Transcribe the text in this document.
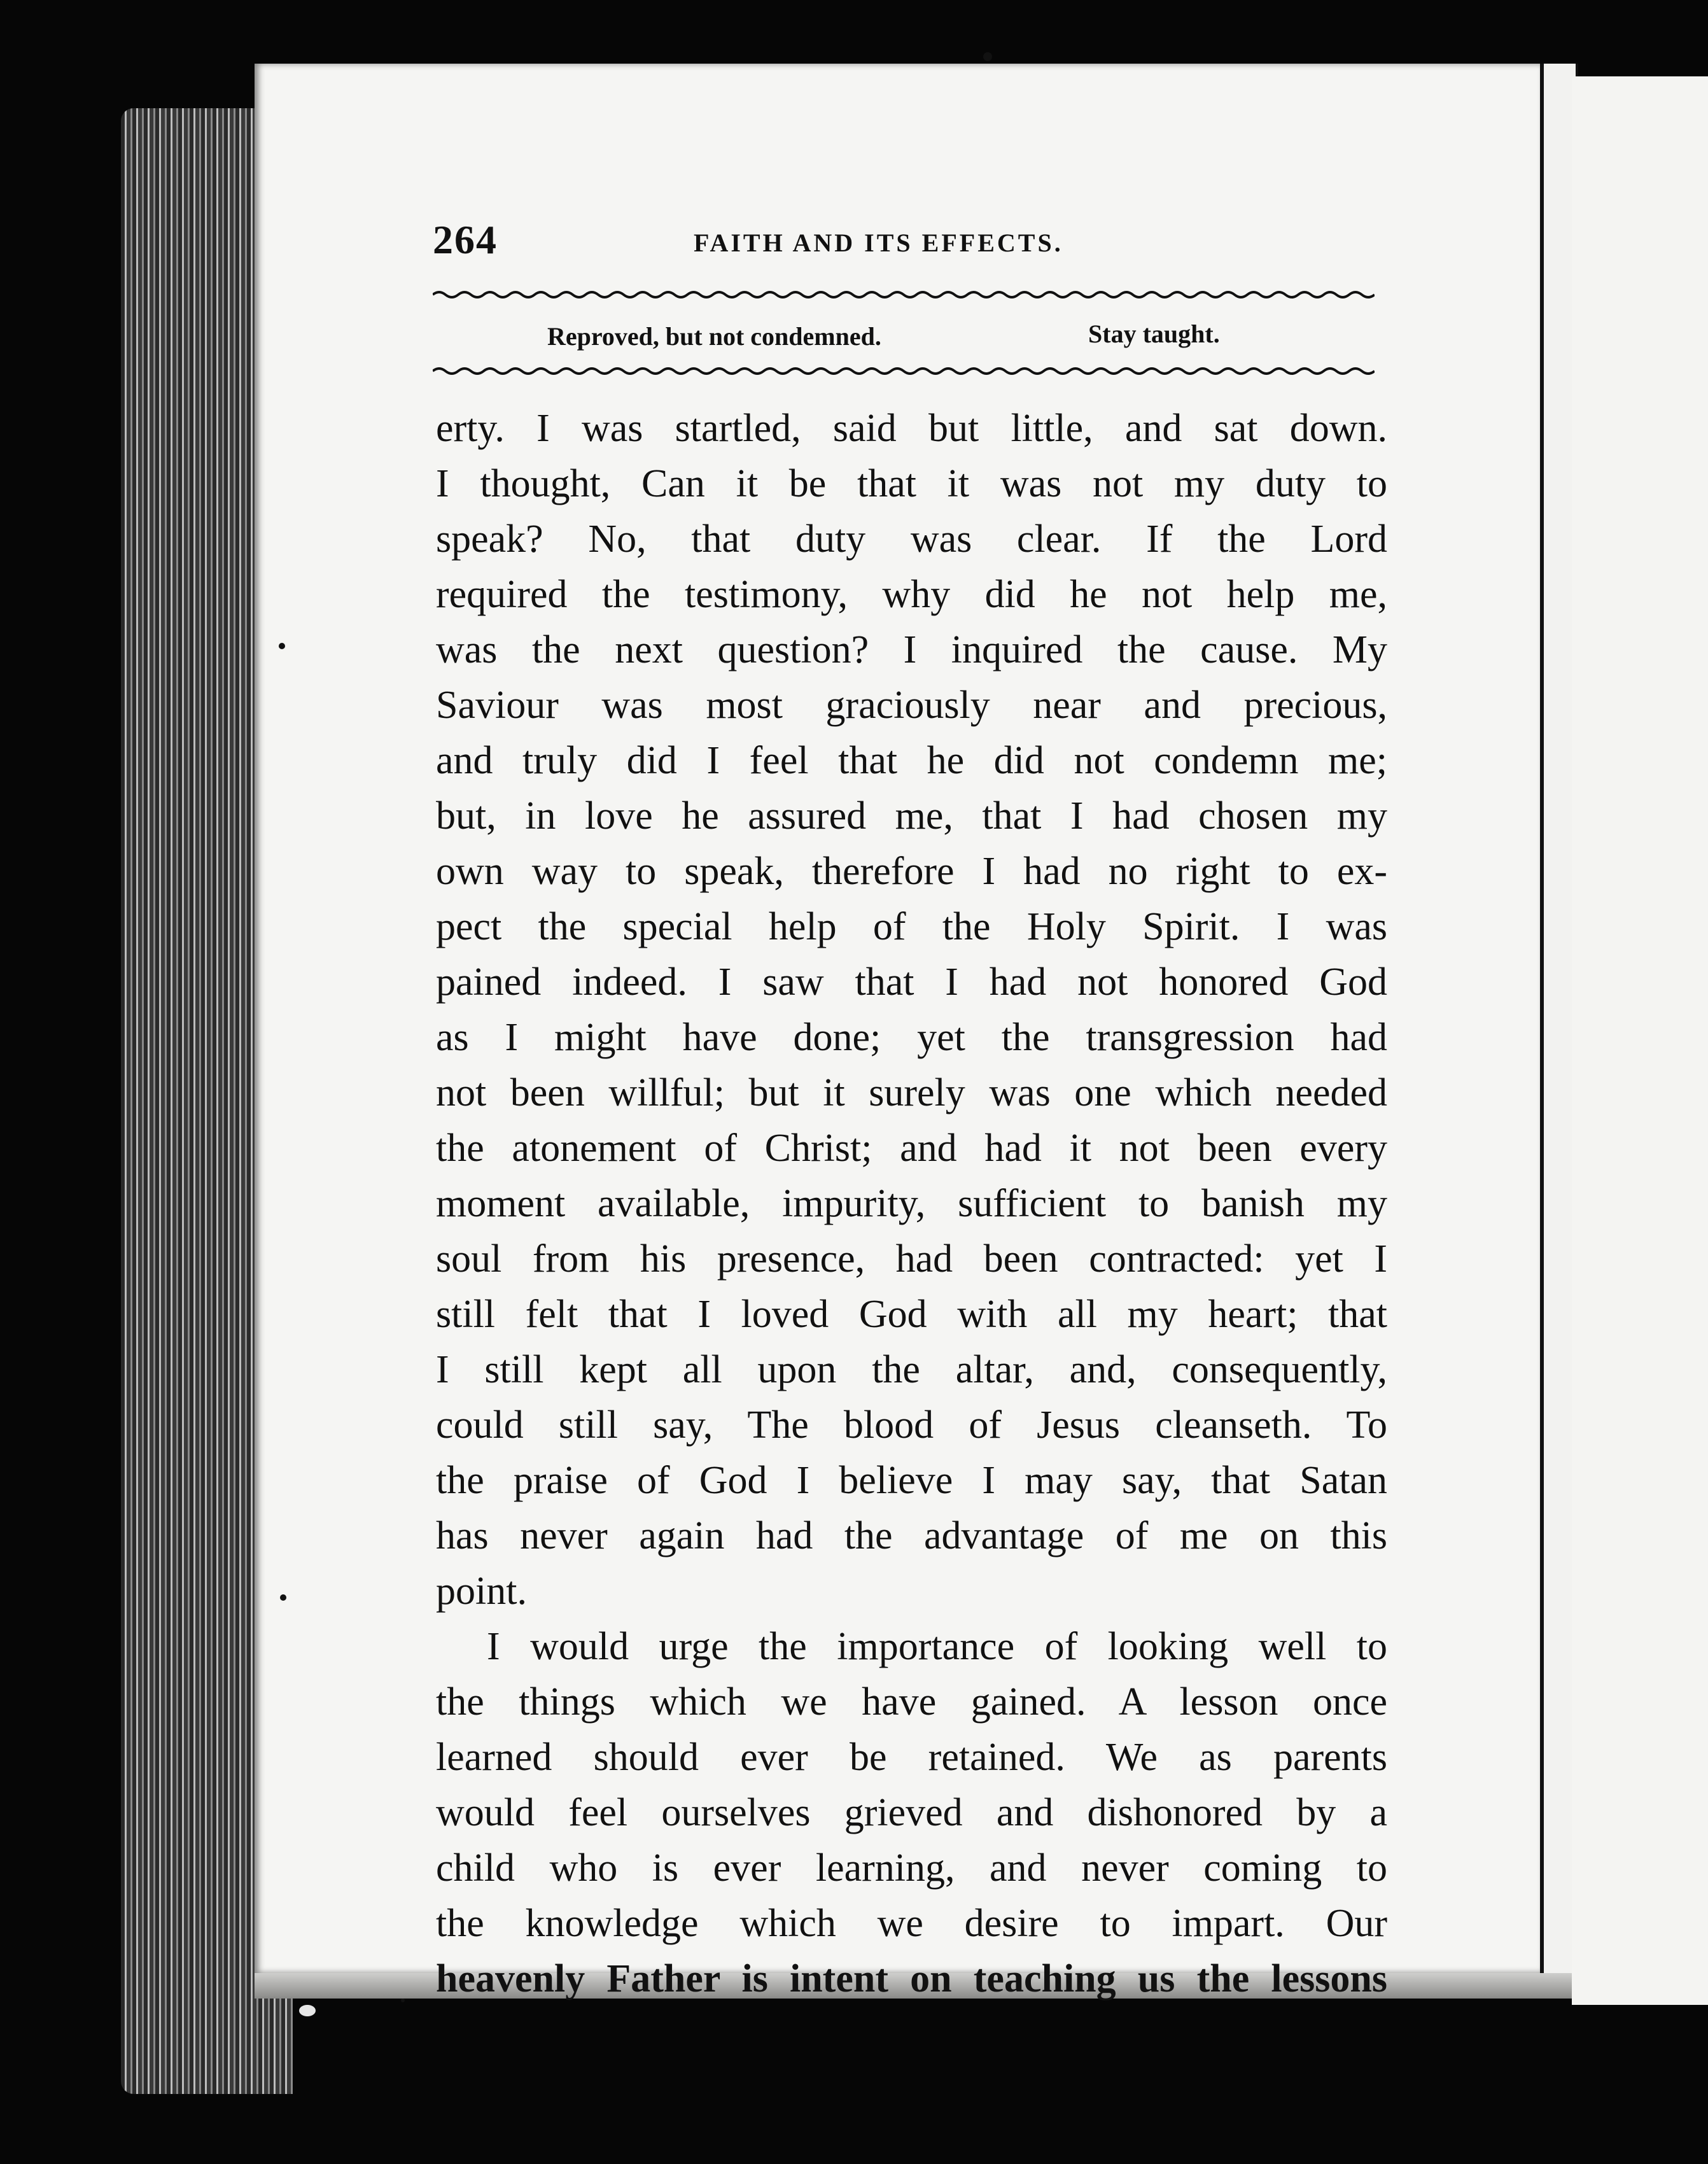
264	FAITH AND ITS EFFECTS.
Reproved, but not condemned.	Stay taught.
erty. I was startled, said but little, and sat down.
I thought, Can it be that it was not my duty to
speak? No, that duty was clear. If the Lord
required the testimony, why did he not help me,
was the next question? I inquired the cause. My
Saviour was most graciously near and precious,
and truly did I feel that he did not condemn me;
but, in love he assured me, that I had chosen my
own way to speak, therefore I had no right to ex-
pect the special help of the Holy Spirit. I was
pained indeed. I saw that I had not honored God
as I might have done; yet the transgression had
not been willful; but it surely was one which needed
the atonement of Christ; and had it not been every
moment available, impurity, sufficient to banish my
soul from his presence, had been contracted: yet I
still felt that I loved God with all my heart; that
I still kept all upon the altar, and, consequently,
could still say, The blood of Jesus cleanseth. To
the praise of God I believe I may say, that Satan
has never again had the advantage of me on this
point.
I would urge the importance of looking well to
the things which we have gained. A lesson once
learned should ever be retained. We as parents
would feel ourselves grieved and dishonored by a
child who is ever learning, and never coming to
the knowledge which we desire to impart. Our
heavenly Father is intent on teaching us the lessons
